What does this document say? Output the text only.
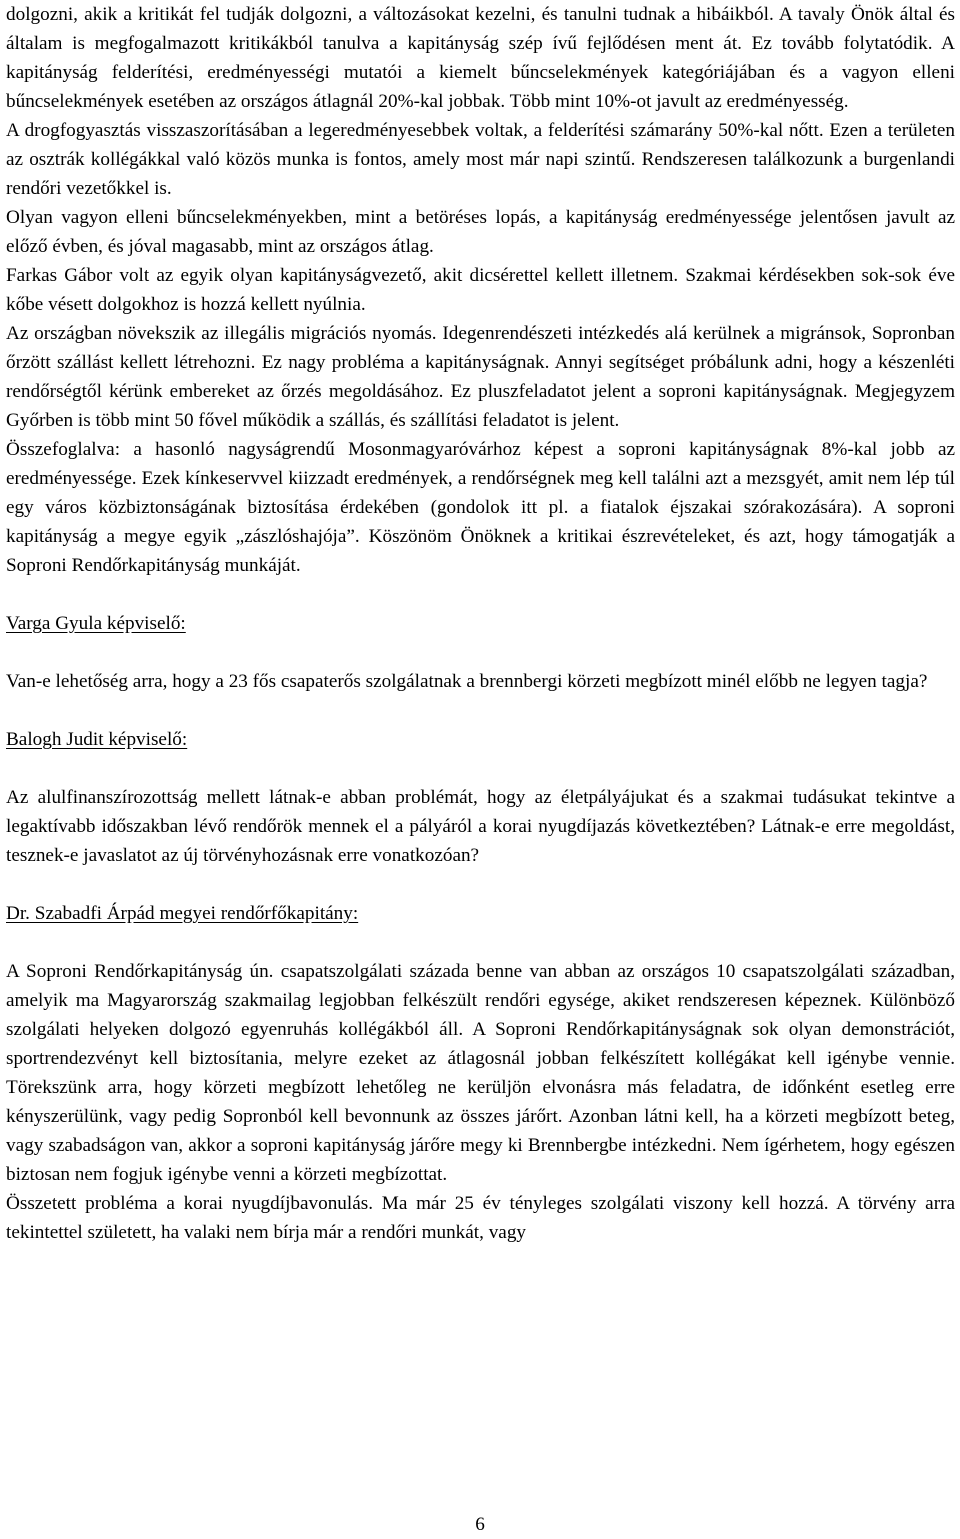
dolgozni, akik a kritikát fel tudják dolgozni, a változásokat kezelni, és tanulni tudnak a hibáikból. A tavaly Önök által és általam is megfogalmazott kritikákból tanulva a kapitányság szép ívű fejlődésen ment át. Ez tovább folytatódik. A kapitányság felderítési, eredményességi mutatói a kiemelt bűncselekmények kategóriájában és a vagyon elleni bűncselekmények esetében az országos átlagnál 20%-kal jobbak. Több mint 10%-ot javult az eredményesség.

A drogfogyasztás visszaszorításában a legeredményesebbek voltak, a felderítési számarány 50%-kal nőtt. Ezen a területen az osztrák kollégákkal való közös munka is fontos, amely most már napi szintű. Rendszeresen találkozunk a burgenlandi rendőri vezetőkkel is.

Olyan vagyon elleni bűncselekményekben, mint a betöréses lopás, a kapitányság eredményessége jelentősen javult az előző évben, és jóval magasabb, mint az országos átlag.

Farkas Gábor volt az egyik olyan kapitányságvezető, akit dicsérettel kellett illetnem. Szakmai kérdésekben sok-sok éve kőbe vésett dolgokhoz is hozzá kellett nyúlnia.

Az országban növekszik az illegális migrációs nyomás. Idegenrendészeti intézkedés alá kerülnek a migránsok, Sopronban őrzött szállást kellett létrehozni. Ez nagy probléma a kapitányságnak. Annyi segítséget próbálunk adni, hogy a készenléti rendőrségtől kérünk embereket az őrzés megoldásához. Ez pluszfeladatot jelent a soproni kapitányságnak. Megjegyzem Győrben is több mint 50 fővel működik a szállás, és szállítási feladatot is jelent.

Összefoglalva: a hasonló nagyságrendű Mosonmagyaróvárhoz képest a soproni kapitányságnak 8%-kal jobb az eredményessége. Ezek kínkeservvel kiizzadt eredmények, a rendőrségnek meg kell találni azt a mezsgyét, amit nem lép túl egy város közbiztonságának biztosítása érdekében (gondolok itt pl. a fiatalok éjszakai szórakozására). A soproni kapitányság a megye egyik „zászlóshajója”. Köszönöm Önöknek a kritikai észrevételeket, és azt, hogy támogatják a Soproni Rendőrkapitányság munkáját.

Varga Gyula képviselő:

Van-e lehetőség arra, hogy a 23 fős csapaterős szolgálatnak a brennbergi körzeti megbízott minél előbb ne legyen tagja?

Balogh Judit képviselő:

Az alulfinanszírozottság mellett látnak-e abban problémát, hogy az életpályájukat és a szakmai tudásukat tekintve a legaktívabb időszakban lévő rendőrök mennek el a pályáról a korai nyugdíjazás következtében? Látnak-e erre megoldást, tesznek-e javaslatot az új törvényhozásnak erre vonatkozóan?

Dr. Szabadfi Árpád megyei rendőrfőkapitány:

A Soproni Rendőrkapitányság ún. csapatszolgálati százada benne van abban az országos 10 csapatszolgálati században, amelyik ma Magyarország szakmailag legjobban felkészült rendőri egysége, akiket rendszeresen képeznek. Különböző szolgálati helyeken dolgozó egyenruhás kollégákból áll. A Soproni Rendőrkapitányságnak sok olyan demonstrációt, sportrendezvényt kell biztosítania, melyre ezeket az átlagosnál jobban felkészített kollégákat kell igénybe vennie. Törekszünk arra, hogy körzeti megbízott lehetőleg ne kerüljön elvonásra más feladatra, de időnként esetleg erre kényszerülünk, vagy pedig Sopronból kell bevonnunk az összes járőrt. Azonban látni kell, ha a körzeti megbízott beteg, vagy szabadságon van, akkor a soproni kapitányság járőre megy ki Brennbergbe intézkedni. Nem ígérhetem, hogy egészen biztosan nem fogjuk igénybe venni a körzeti megbízottat.

Összetett probléma a korai nyugdíjbavonulás. Ma már 25 év tényleges szolgálati viszony kell hozzá. A törvény arra tekintettel született, ha valaki nem bírja már a rendőri munkát, vagy

6
